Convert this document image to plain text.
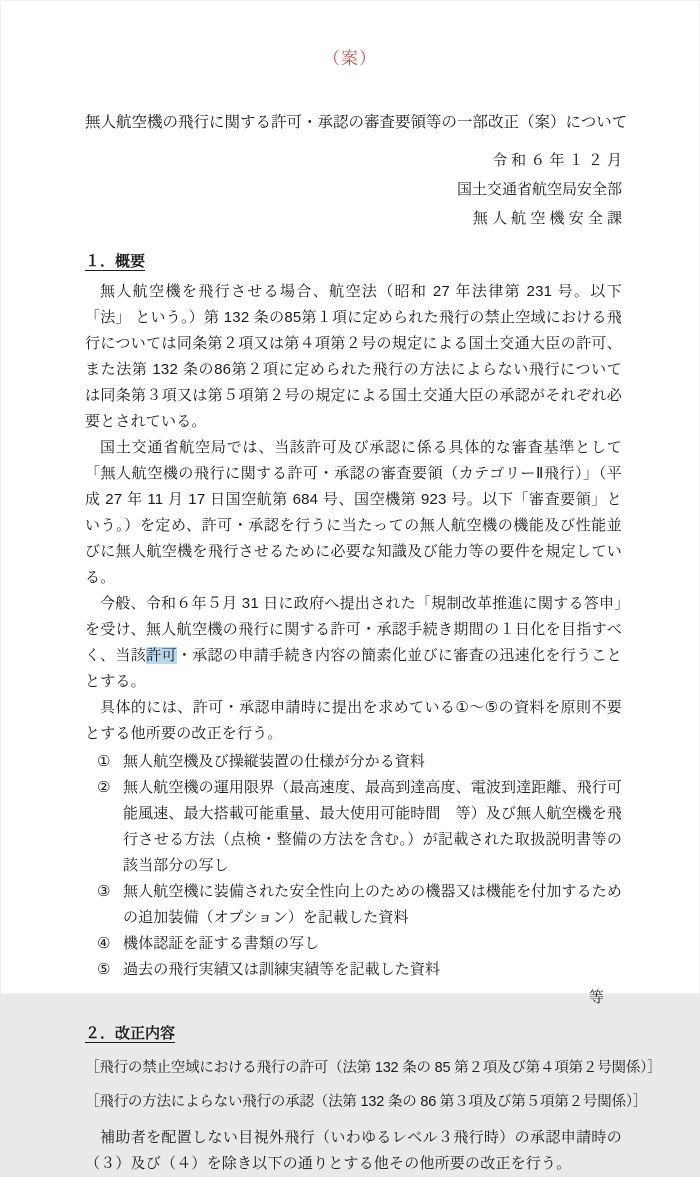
（案）

無人航空機の飛行に関する許可・承認の審査要領等の一部改正（案）について

令 和 ６ 年 １ ２ 月
国土交通省航空局安全部
無 人 航 空 機 安 全 課
１．概要

無人航空機を飛行させる場合、航空法（昭和 27 年法律第 231 号。以下「法」 という。）第 132 条の85第１項に定められた飛行の禁止空域における飛行については同条第２項又は第４項第２号の規定による国土交通大臣の許可、また法第 132 条の86第２項に定められた飛行の方法によらない飛行については同条第３項又は第５項第２号の規定による国土交通大臣の承認がそれぞれ必要とされている。

国土交通省航空局では、当該許可及び承認に係る具体的な審査基準として「無人航空機の飛行に関する許可・承認の審査要領（カテゴリーⅡ飛行）」（平成 27 年 11 月 17 日国空航第 684 号、国空機第 923 号。以下「審査要領」という。）を定め、許可・承認を行うに当たっての無人航空機の機能及び性能並びに無人航空機を飛行させるために必要な知識及び能力等の要件を規定している。

今般、令和６年５月 31 日に政府へ提出された「規制改革推進に関する答申」を受け、無人航空機の飛行に関する許可・承認手続き期間の１日化を目指すべく、当該許可・承認の申請手続き内容の簡素化並びに審査の迅速化を行うこととする。

具体的には、許可・承認申請時に提出を求めている①～⑤の資料を原則不要とする他所要の改正を行う。

① 無人航空機及び操縦装置の仕様が分かる資料
② 無人航空機の運用限界（最高速度、最高到達高度、電波到達距離、飛行可能風速、最大搭載可能重量、最大使用可能時間　等）及び無人航空機を飛行させる方法（点検・整備の方法を含む。）が記載された取扱説明書等の該当部分の写し
③ 無人航空機に装備された安全性向上のための機器又は機能を付加するための追加装備（オプション）を記載した資料
④ 機体認証を証する書類の写し
⑤ 過去の飛行実績又は訓練実績等を記載した資料
等
２．改正内容
［飛行の禁止空域における飛行の許可（法第 132 条の 85 第２項及び第４項第２号関係）］
［飛行の方法によらない飛行の承認（法第 132 条の 86 第３項及び第５項第２号関係）］

補助者を配置しない目視外飛行（いわゆるレベル３飛行時）の承認申請時の（３）及び（４）を除き以下の通りとする他その他所要の改正を行う。
